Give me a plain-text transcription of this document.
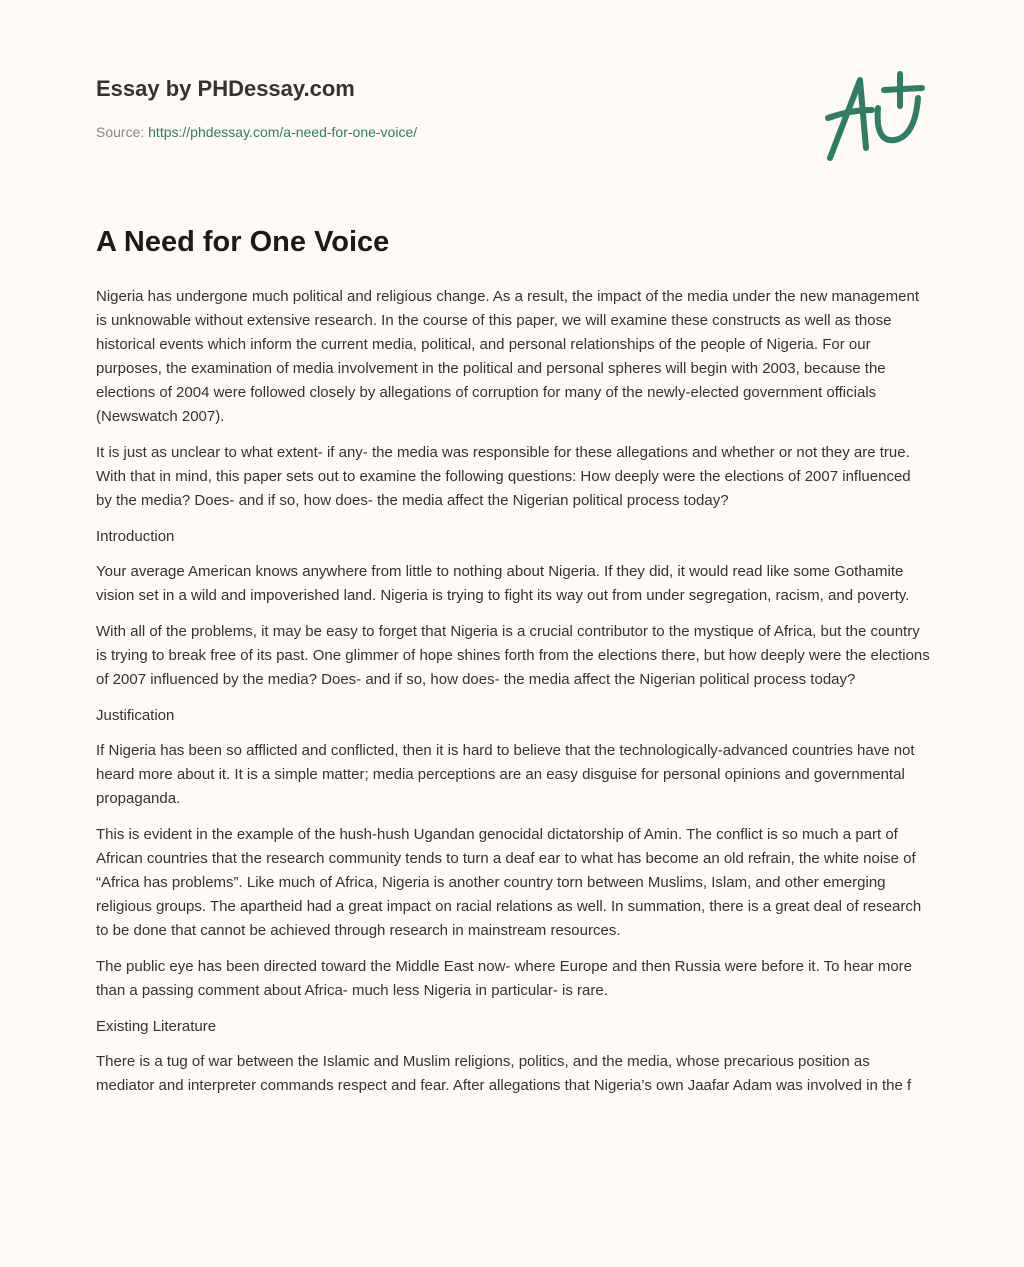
Essay by PHDessay.com
Source: https://phdessay.com/a-need-for-one-voice/
A Need for One Voice

Nigeria has undergone much political and religious change. As a result, the impact of the media under the new management is unknowable without extensive research. In the course of this paper, we will examine these constructs as well as those historical events which inform the current media, political, and personal relationships of the people of Nigeria. For our purposes, the examination of media involvement in the political and personal spheres will begin with 2003, because the elections of 2004 were followed closely by allegations of corruption for many of the newly-elected government officials (Newswatch 2007).

It is just as unclear to what extent- if any- the media was responsible for these allegations and whether or not they are true. With that in mind, this paper sets out to examine the following questions: How deeply were the elections of 2007 influenced by the media? Does- and if so, how does- the media affect the Nigerian political process today?

Introduction

Your average American knows anywhere from little to nothing about Nigeria. If they did, it would read like some Gothamite vision set in a wild and impoverished land. Nigeria is trying to fight its way out from under segregation, racism, and poverty.

With all of the problems, it may be easy to forget that Nigeria is a crucial contributor to the mystique of Africa, but the country is trying to break free of its past. One glimmer of hope shines forth from the elections there, but how deeply were the elections of 2007 influenced by the media? Does- and if so, how does- the media affect the Nigerian political process today?

Justification

If Nigeria has been so afflicted and conflicted, then it is hard to believe that the technologically-advanced countries have not heard more about it. It is a simple matter; media perceptions are an easy disguise for personal opinions and governmental propaganda.

This is evident in the example of the hush-hush Ugandan genocidal dictatorship of Amin. The conflict is so much a part of African countries that the research community tends to turn a deaf ear to what has become an old refrain, the white noise of “Africa has problems”. Like much of Africa, Nigeria is another country torn between Muslims, Islam, and other emerging religious groups. The apartheid had a great impact on racial relations as well. In summation, there is a great deal of research to be done that cannot be achieved through research in mainstream resources.

The public eye has been directed toward the Middle East now- where Europe and then Russia were before it. To hear more than a passing comment about Africa- much less Nigeria in particular- is rare.

Existing Literature

There is a tug of war between the Islamic and Muslim religions, politics, and the media, whose precarious position as mediator and interpreter commands respect and fear. After allegations that Nigeria’s own Jaafar Adam was involved in the f
